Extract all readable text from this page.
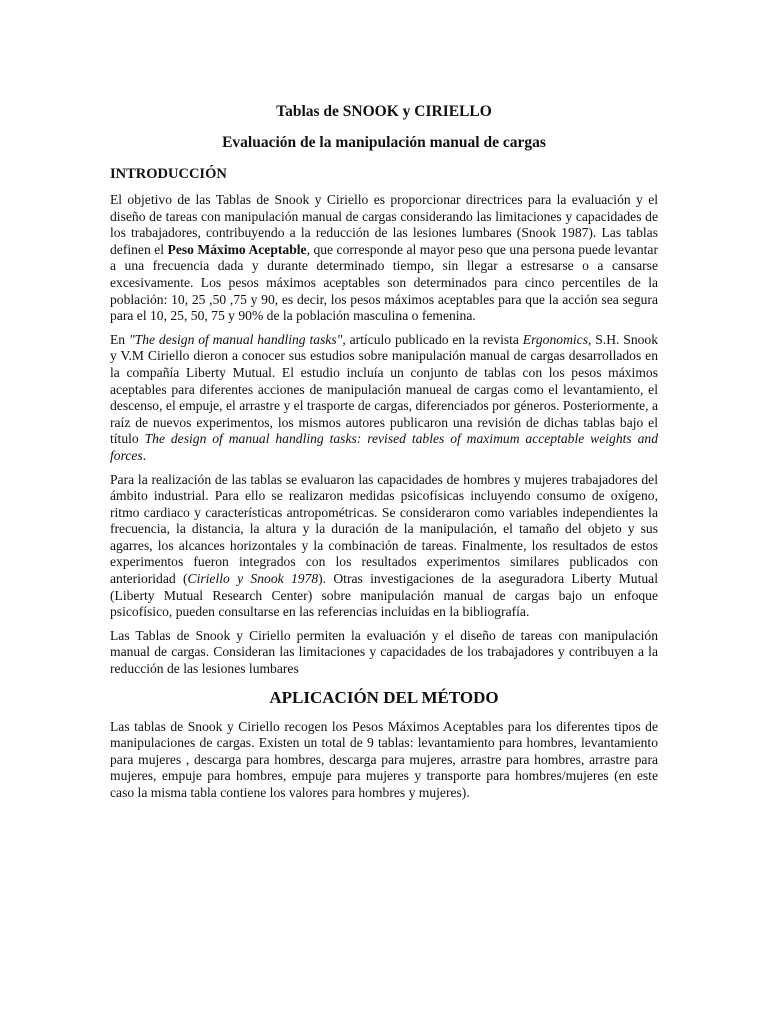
Tablas de SNOOK y CIRIELLO
Evaluación de la manipulación manual de cargas
INTRODUCCIÓN

El objetivo de las Tablas de Snook y Ciriello es proporcionar directrices para la evaluación y el diseño de tareas con manipulación manual de cargas considerando las limitaciones y capacidades de los trabajadores, contribuyendo a la reducción de las lesiones lumbares (Snook 1987). Las tablas definen el Peso Máximo Aceptable, que corresponde al mayor peso que una persona puede levantar a una frecuencia dada y durante determinado tiempo, sin llegar a estresarse o a cansarse excesivamente. Los pesos máximos aceptables son determinados para cinco percentiles de la población: 10, 25 ,50 ,75 y 90, es decir, los pesos máximos aceptables para que la acción sea segura para el 10, 25, 50, 75 y 90% de la población masculina o femenina.

En "The design of manual handling tasks", artículo publicado en la revista Ergonomics, S.H. Snook y V.M Ciriello dieron a conocer sus estudios sobre manipulación manual de cargas desarrollados en la compañía Liberty Mutual. El estudio incluía un conjunto de tablas con los pesos máximos aceptables para diferentes acciones de manipulación manueal de cargas como el levantamiento, el descenso, el empuje, el arrastre y el trasporte de cargas, diferenciados por géneros. Posteriormente, a raíz de nuevos experimentos, los mismos autores publicaron una revisión de dichas tablas bajo el título The design of manual handling tasks: revised tables of maximum acceptable weights and forces.

Para la realización de las tablas se evaluaron las capacidades de hombres y mujeres trabajadores del ámbito industrial. Para ello se realizaron medidas psicofísicas incluyendo consumo de oxígeno, ritmo cardiaco y características antropométricas. Se consideraron como variables independientes la frecuencia, la distancia, la altura y la duración de la manipulación, el tamaño del objeto y sus agarres, los alcances horizontales y la combinación de tareas. Finalmente, los resultados de estos experimentos fueron integrados con los resultados experimentos similares publicados con anterioridad (Ciriello y Snook 1978). Otras investigaciones de la aseguradora Liberty Mutual (Liberty Mutual Research Center) sobre manipulación manual de cargas bajo un enfoque psicofísico, pueden consultarse en las referencias incluidas en la bibliografía.

Las Tablas de Snook y Ciriello permiten la evaluación y el diseño de tareas con manipulación manual de cargas. Consideran las limitaciones y capacidades de los trabajadores y contribuyen a la reducción de las lesiones lumbares

APLICACIÓN DEL MÉTODO

Las tablas de Snook y Ciriello recogen los Pesos Máximos Aceptables para los diferentes tipos de manipulaciones de cargas. Existen un total de 9 tablas: levantamiento para hombres, levantamiento para mujeres , descarga para hombres, descarga para mujeres, arrastre para hombres, arrastre para mujeres, empuje para hombres, empuje para mujeres y transporte para hombres/mujeres (en este caso la misma tabla contiene los valores para hombres y mujeres).
